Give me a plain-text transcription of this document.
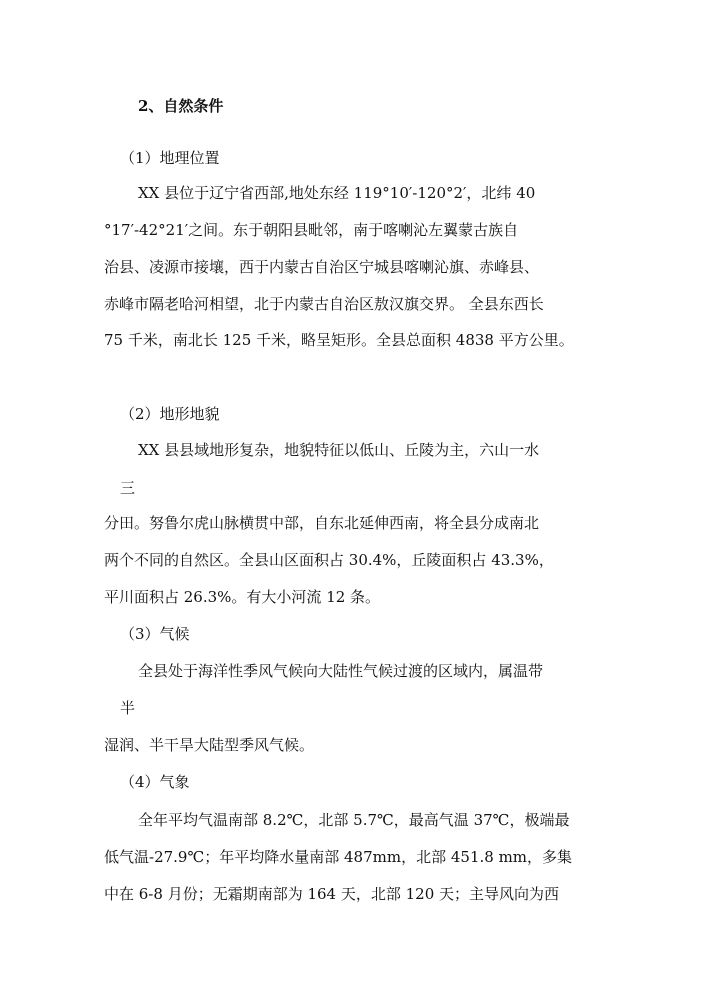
2、自然条件
（1）地理位置
XX 县位于辽宁省西部,地处东经 119°10′-120°2′，北纬 40
°17′-42°21′之间。东于朝阳县毗邻，南于喀喇沁左翼蒙古族自
治县、凌源市接壤，西于内蒙古自治区宁城县喀喇沁旗、赤峰县、
赤峰市隔老哈河相望，北于内蒙古自治区敖汉旗交界。 全县东西长
75 千米，南北长 125 千米，略呈矩形。全县总面积 4838 平方公里。
（2）地形地貌
XX 县县域地形复杂，地貌特征以低山、丘陵为主，六山一水
三
分田。努鲁尔虎山脉横贯中部，自东北延伸西南，将全县分成南北
两个不同的自然区。全县山区面积占 30.4%，丘陵面积占 43.3%，
平川面积占 26.3%。有大小河流 12 条。
（3）气候
全县处于海洋性季风气候向大陆性气候过渡的区域内，属温带
半
湿润、半干旱大陆型季风气候。
（4）气象
全年平均气温南部 8.2℃，北部 5.7℃，最高气温 37℃，极端最
低气温-27.9℃；年平均降水量南部 487mm，北部 451.8 mm，多集
中在 6-8 月份；无霜期南部为 164 天，北部 120 天；主导风向为西
